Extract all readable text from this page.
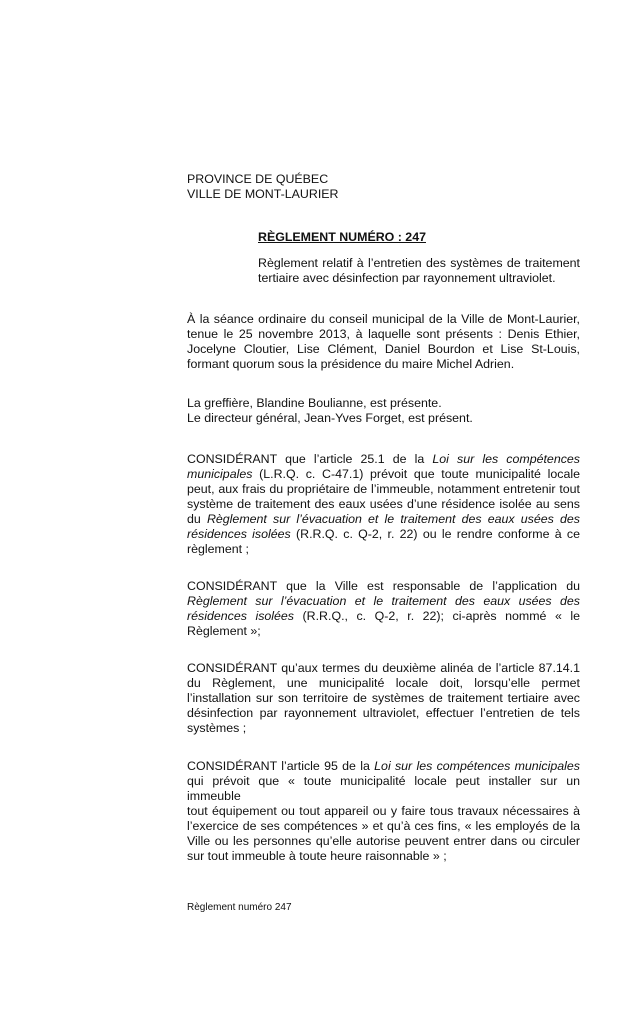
PROVINCE DE QUÉBEC
VILLE DE MONT-LAURIER
RÈGLEMENT NUMÉRO : 247
Règlement relatif à l’entretien des systèmes de traitement
tertiaire avec désinfection par rayonnement ultraviolet.
À la séance ordinaire du conseil municipal de la Ville de Mont-Laurier,
tenue le 25 novembre 2013, à laquelle sont présents : Denis Ethier,
Jocelyne Cloutier, Lise Clément, Daniel Bourdon et Lise St-Louis,
formant quorum sous la présidence du maire Michel Adrien.
La greffière, Blandine Boulianne, est présente.
Le directeur général, Jean-Yves Forget, est présent.
CONSIDÉRANT que l’article 25.1 de la Loi sur les compétences
municipales (L.R.Q. c. C-47.1) prévoit que toute municipalité locale
peut, aux frais du propriétaire de l’immeuble, notamment entretenir tout
système de traitement des eaux usées d’une résidence isolée au sens
du Règlement sur l’évacuation et le traitement des eaux usées des
résidences isolées (R.R.Q. c. Q-2, r. 22) ou le rendre conforme à ce
règlement ;
CONSIDÉRANT que la Ville est responsable de l’application du
Règlement sur l’évacuation et le traitement des eaux usées des
résidences isolées (R.R.Q., c. Q-2, r. 22); ci-après nommé « le
Règlement »;
CONSIDÉRANT qu’aux termes du deuxième alinéa de l’article 87.14.1
du Règlement, une municipalité locale doit, lorsqu’elle permet
l’installation sur son territoire de systèmes de traitement tertiaire avec
désinfection par rayonnement ultraviolet, effectuer l’entretien de tels
systèmes ;
CONSIDÉRANT l’article 95 de la Loi sur les compétences municipales
qui prévoit que « toute municipalité locale peut installer sur un immeuble
tout équipement ou tout appareil ou y faire tous travaux nécessaires à
l’exercice de ses compétences » et qu’à ces fins, « les employés de la
Ville ou les personnes qu’elle autorise peuvent entrer dans ou circuler
sur tout immeuble à toute heure raisonnable » ;
Règlement numéro 247
